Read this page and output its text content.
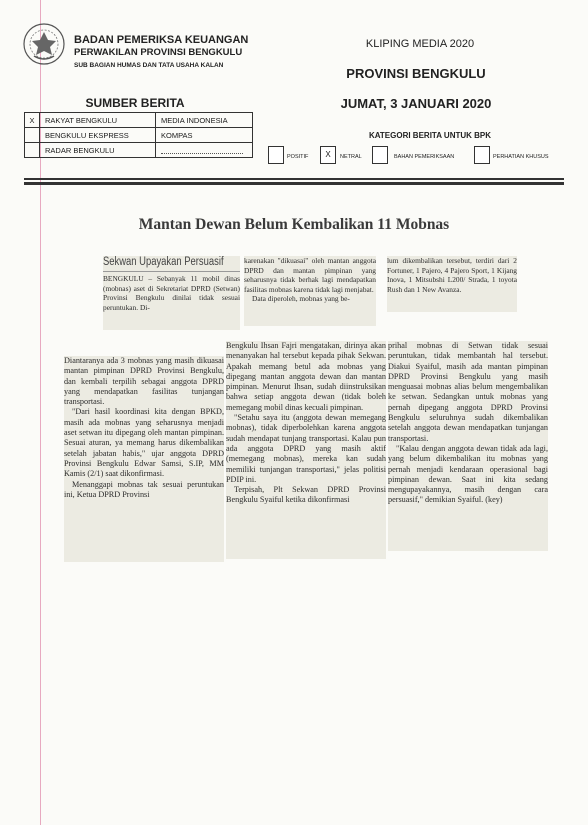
BADAN PEMERIKSA KEUANGAN
PERWAKILAN PROVINSI BENGKULU
SUB BAGIAN HUMAS DAN TATA USAHA KALAN
KLIPING MEDIA 2020
PROVINSI BENGKULU
JUMAT, 3 JANUARI 2020
SUMBER BERITA
X	RAKYAT BENGKULU	MEDIA INDONESIA
	BENGKULU EKSPRESS	KOMPAS
	RADAR BENGKULU	
KATEGORI BERITA UNTUK BPK
POSITIF	X	NETRAL	BAHAN PEMERIKSAAN	PERHATIAN KHUSUS
Mantan Dewan Belum Kembalikan 11 Mobnas
Sekwan Upayakan Persuasif
BENGKULU – Sebanyak 11 mobil dinas (mobnas) aset di Sekretariat DPRD (Setwan) Provinsi Bengkulu dinilai tidak sesuai peruntukan. Di-
karenakan "dikuasai" oleh mantan anggota DPRD dan mantan pimpinan yang seharusnya tidak berhak lagi mendapatkan fasilitas mobnas karena tidak lagi menjabat.
Data diperoleh, mobnas yang be-
lum dikembalikan tersebut, terdiri dari 2 Fortuner, 1 Pajero, 4 Pajero Sport, 1 Kijang Inova, 1 Mitsubshi L200/ Strada, 1 toyota Rush dan 1 New Avanza.
Diantaranya ada 3 mobnas yang masih dikuasai mantan pimpinan DPRD Provinsi Bengkulu, dan kembali terpilih sebagai anggota DPRD yang mendapatkan fasilitas tunjangan transportasi.
"Dari hasil koordinasi kita dengan BPKD, masih ada mobnas yang seharusnya menjadi aset setwan itu dipegang oleh mantan pimpinan. Sesuai aturan, ya memang harus dikembalikan setelah jabatan habis," ujar anggota DPRD Provinsi Bengkulu Edwar Samsi, S.IP, MM Kamis (2/1) saat dikonfirmasi.
Menanggapi mobnas tak sesuai peruntukan ini, Ketua DPRD Provinsi
Bengkulu Ihsan Fajri mengatakan, dirinya akan menanyakan hal tersebut kepada pihak Sekwan. Apakah memang betul ada mobnas yang dipegang mantan anggota dewan dan mantan pimpinan. Menurut Ihsan, sudah diinstruksikan bahwa setiap anggota dewan (tidak boleh memegang mobil dinas kecuali pimpinan.
"Setahu saya itu (anggota dewan memegang mobnas), tidak diperbolehkan karena anggota sudah mendapat tunjang transportasi. Kalau pun ada anggota DPRD yang masih aktif (memegang mobnas), mereka kan sudah memiliki tunjangan transportasi," jelas politisi PDIP ini.
Terpisah, Plt Sekwan DPRD Provinsi Bengkulu Syaiful ketika dikonfirmasi
prihal mobnas di Setwan tidak sesuai peruntukan, tidak membantah hal tersebut. Diakui Syaiful, masih ada mantan pimpinan DPRD Provinsi Bengkulu yang masih menguasai mobnas alias belum mengembalikan ke setwan. Sedangkan untuk mobnas yang pernah dipegang anggota DPRD Provinsi Bengkulu seluruhnya sudah dikembalikan setelah anggota dewan mendapatkan tunjangan transportasi.
"Kalau dengan anggota dewan tidak ada lagi, yang belum dikembalikan itu mobnas yang pernah menjadi kendaraan operasional bagi pimpinan dewan. Saat ini kita sedang mengupayakannya, masih dengan cara persuasif," demikian Syaiful. (key)
